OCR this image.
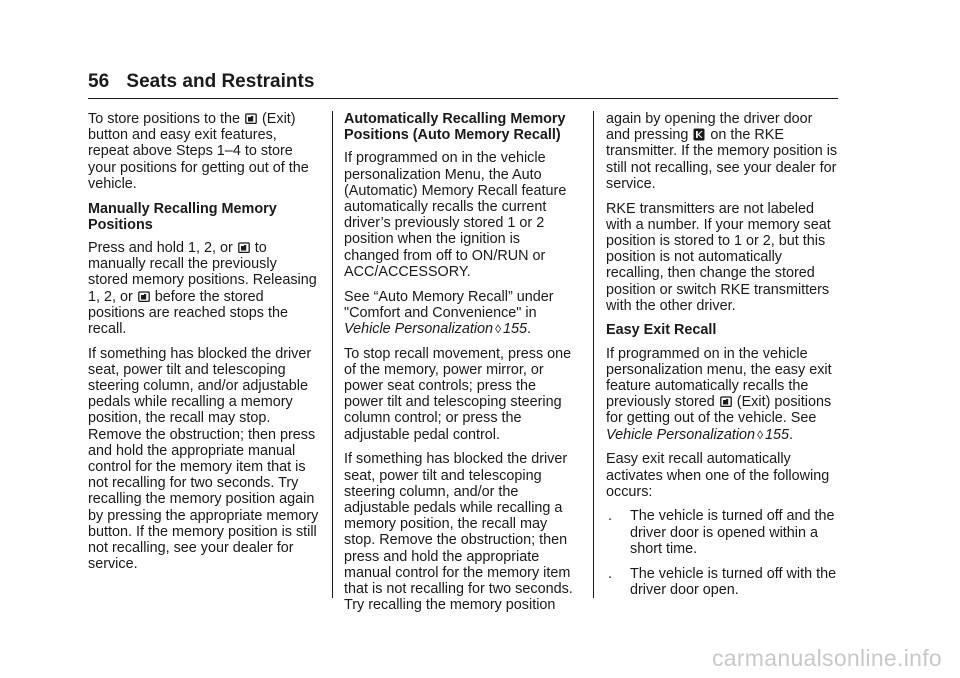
56 Seats and Restraints

To store positions to the (Exit) button and easy exit features, repeat above Steps 1–4 to store your positions for getting out of the vehicle.

Manually Recalling Memory Positions

Press and hold 1, 2, or to manually recall the previously stored memory positions. Releasing 1, 2, or before the stored positions are reached stops the recall.

If something has blocked the driver seat, power tilt and telescoping steering column, and/or adjustable pedals while recalling a memory position, the recall may stop. Remove the obstruction; then press and hold the appropriate manual control for the memory item that is not recalling for two seconds. Try recalling the memory position again by pressing the appropriate memory button. If the memory position is still not recalling, see your dealer for service.

Automatically Recalling Memory Positions (Auto Memory Recall)

If programmed on in the vehicle personalization Menu, the Auto (Automatic) Memory Recall feature automatically recalls the current driver’s previously stored 1 or 2 position when the ignition is changed from off to ON/RUN or ACC/ACCESSORY.

See “Auto Memory Recall” under "Comfort and Convenience" in Vehicle Personalization ◊ 155.

To stop recall movement, press one of the memory, power mirror, or power seat controls; press the power tilt and telescoping steering column control; or press the adjustable pedal control.

If something has blocked the driver seat, power tilt and telescoping steering column, and/or the adjustable pedals while recalling a memory position, the recall may stop. Remove the obstruction; then press and hold the appropriate manual control for the memory item that is not recalling for two seconds. Try recalling the memory position

again by opening the driver door and pressing on the RKE transmitter. If the memory position is still not recalling, see your dealer for service.

RKE transmitters are not labeled with a number. If your memory seat position is stored to 1 or 2, but this position is not automatically recalling, then change the stored position or switch RKE transmitters with the other driver.

Easy Exit Recall

If programmed on in the vehicle personalization menu, the easy exit feature automatically recalls the previously stored (Exit) positions for getting out of the vehicle. See Vehicle Personalization ◊ 155.

Easy exit recall automatically activates when one of the following occurs:

.	The vehicle is turned off and the driver door is opened within a short time.
.	The vehicle is turned off with the driver door open.
carmanualsonline.info
